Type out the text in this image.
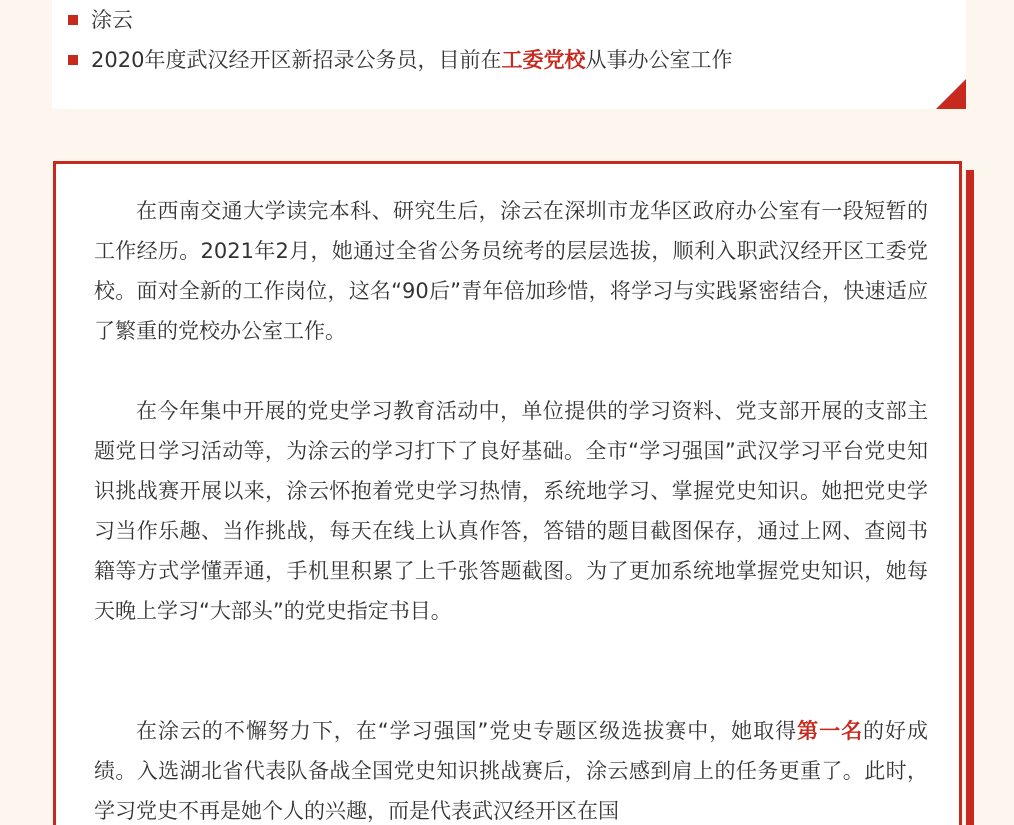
涂云
2020年度武汉经开区新招录公务员，目前在 工委党校 从事办公室工作

在西南交通大学读完本科、研究生后，涂云在深圳市龙华区政府办公室有一段短暂的工作经历。2021年2月，她通过全省公务员统考的层层选拔，顺利入职武汉经开区工委党校。面对全新的工作岗位，这名“90后”青年倍加珍惜，将学习与实践紧密结合，快速适应了繁重的党校办公室工作。

在今年集中开展的党史学习教育活动中，单位提供的学习资料、党支部开展的支部主题党日学习活动等，为涂云的学习打下了良好基础。全市“学习强国”武汉学习平台党史知识挑战赛开展以来，涂云怀抱着党史学习热情，系统地学习、掌握党史知识。她把党史学习当作乐趣、当作挑战，每天在线上认真作答，答错的题目截图保存，通过上网、查阅书籍等方式学懂弄通，手机里积累了上千张答题截图。为了更加系统地掌握党史知识，她每天晚上学习“大部头”的党史指定书目。

在涂云的不懈努力下，在“学习强国”党史专题区级选拔赛中，她取得第一名的好成绩。入选湖北省代表队备战全国党史知识挑战赛后，涂云感到肩上的任务更重了。此时，学习党史不再是她个人的兴趣，而是代表武汉经开区在国
